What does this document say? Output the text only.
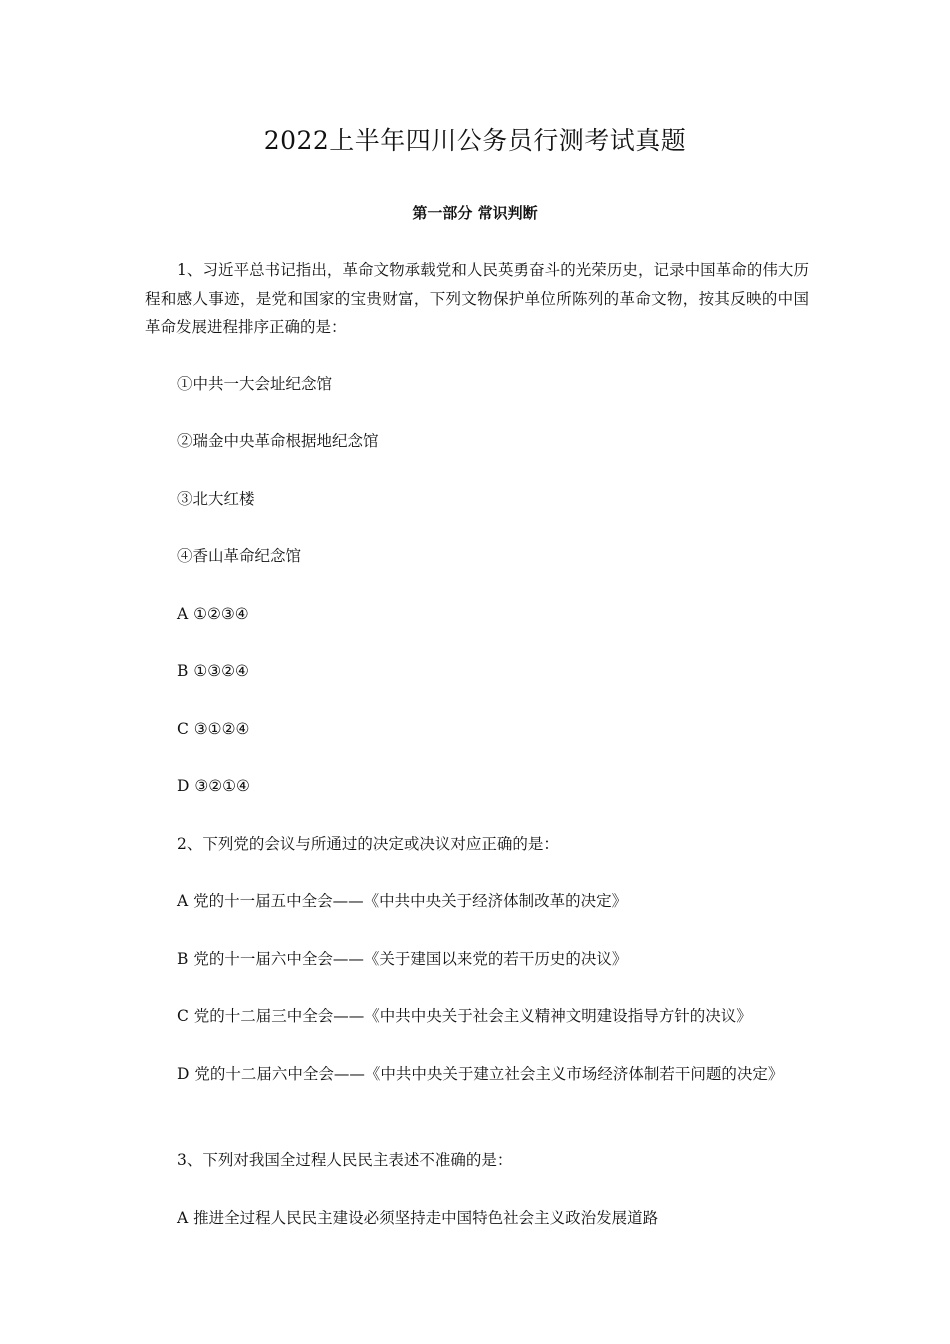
2022上半年四川公务员行测考试真题
第一部分 常识判断
1、习近平总书记指出，革命文物承载党和人民英勇奋斗的光荣历史，记录中国革命的伟大历程和感人事迹，是党和国家的宝贵财富，下列文物保护单位所陈列的革命文物，按其反映的中国革命发展进程排序正确的是：
①中共一大会址纪念馆
②瑞金中央革命根据地纪念馆
③北大红楼
④香山革命纪念馆
A ①②③④
B ①③②④
C ③①②④
D ③②①④
2、下列党的会议与所通过的决定或决议对应正确的是：
A 党的十一届五中全会——《中共中央关于经济体制改革的决定》
B 党的十一届六中全会——《关于建国以来党的若干历史的决议》
C 党的十二届三中全会——《中共中央关于社会主义精神文明建设指导方针的决议》
D 党的十二届六中全会——《中共中央关于建立社会主义市场经济体制若干问题的决定》
3、下列对我国全过程人民民主表述不准确的是：
A 推进全过程人民民主建设必须坚持走中国特色社会主义政治发展道路
